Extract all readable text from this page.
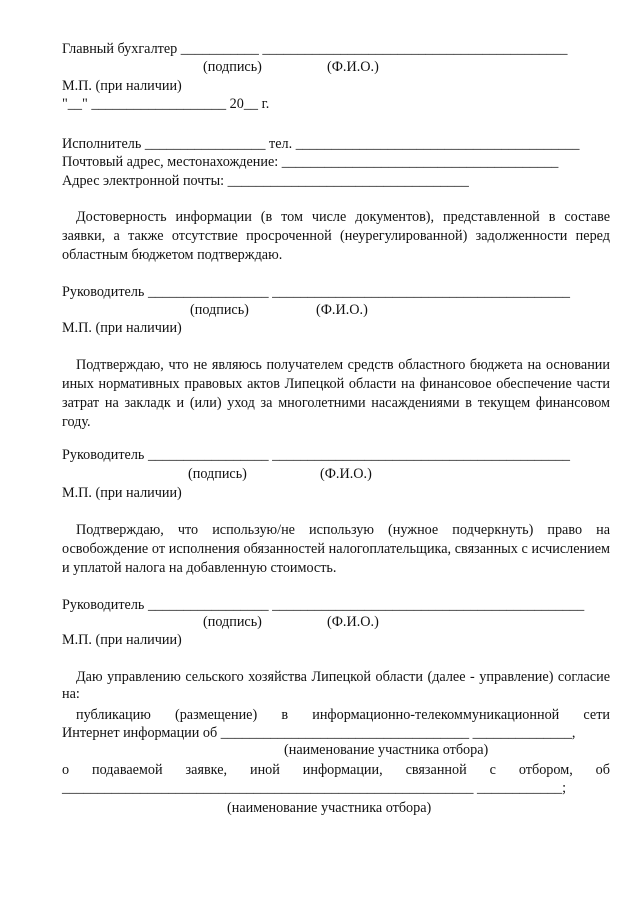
Главный бухгалтер ___________ ___________________________________________
(подпись)	(Ф.И.О.)
М.П. (при наличии)
"__" ___________________ 20__ г.
Исполнитель _________________ тел. ________________________________________
Почтовый адрес, местонахождение: _______________________________________
Адрес электронной почты: __________________________________
Достоверность информации (в том числе документов), представленной в составе заявки, а также отсутствие просроченной (неурегулированной) задолженности перед областным бюджетом подтверждаю.
Руководитель _________________ __________________________________________
(подпись)	(Ф.И.О.)
М.П. (при наличии)
Подтверждаю, что не являюсь получателем средств областного бюджета на основании иных нормативных правовых актов Липецкой области на финансовое обеспечение части затрат на закладк и (или) уход за многолетними насаждениями в текущем финансовом году.
Руководитель _________________ __________________________________________
(подпись)	(Ф.И.О.)
М.П. (при наличии)
Подтверждаю, что использую/не использую (нужное подчеркнуть) право на освобождение от исполнения обязанностей налогоплательщика, связанных с исчислением и уплатой налога на добавленную стоимость.
Руководитель _________________ ____________________________________________
(подпись)	(Ф.И.О.)
М.П. (при наличии)
Даю управлению сельского хозяйства Липецкой области (далее - управление) согласие на:
публикацию (размещение) в информационно-телекоммуникационной сети
Интернет информации об ___________________________________ ______________,
(наименование участника отбора)
о подаваемой заявке, иной информации, связанной с отбором, об
__________________________________________________________ ____________;
(наименование участника отбора)
